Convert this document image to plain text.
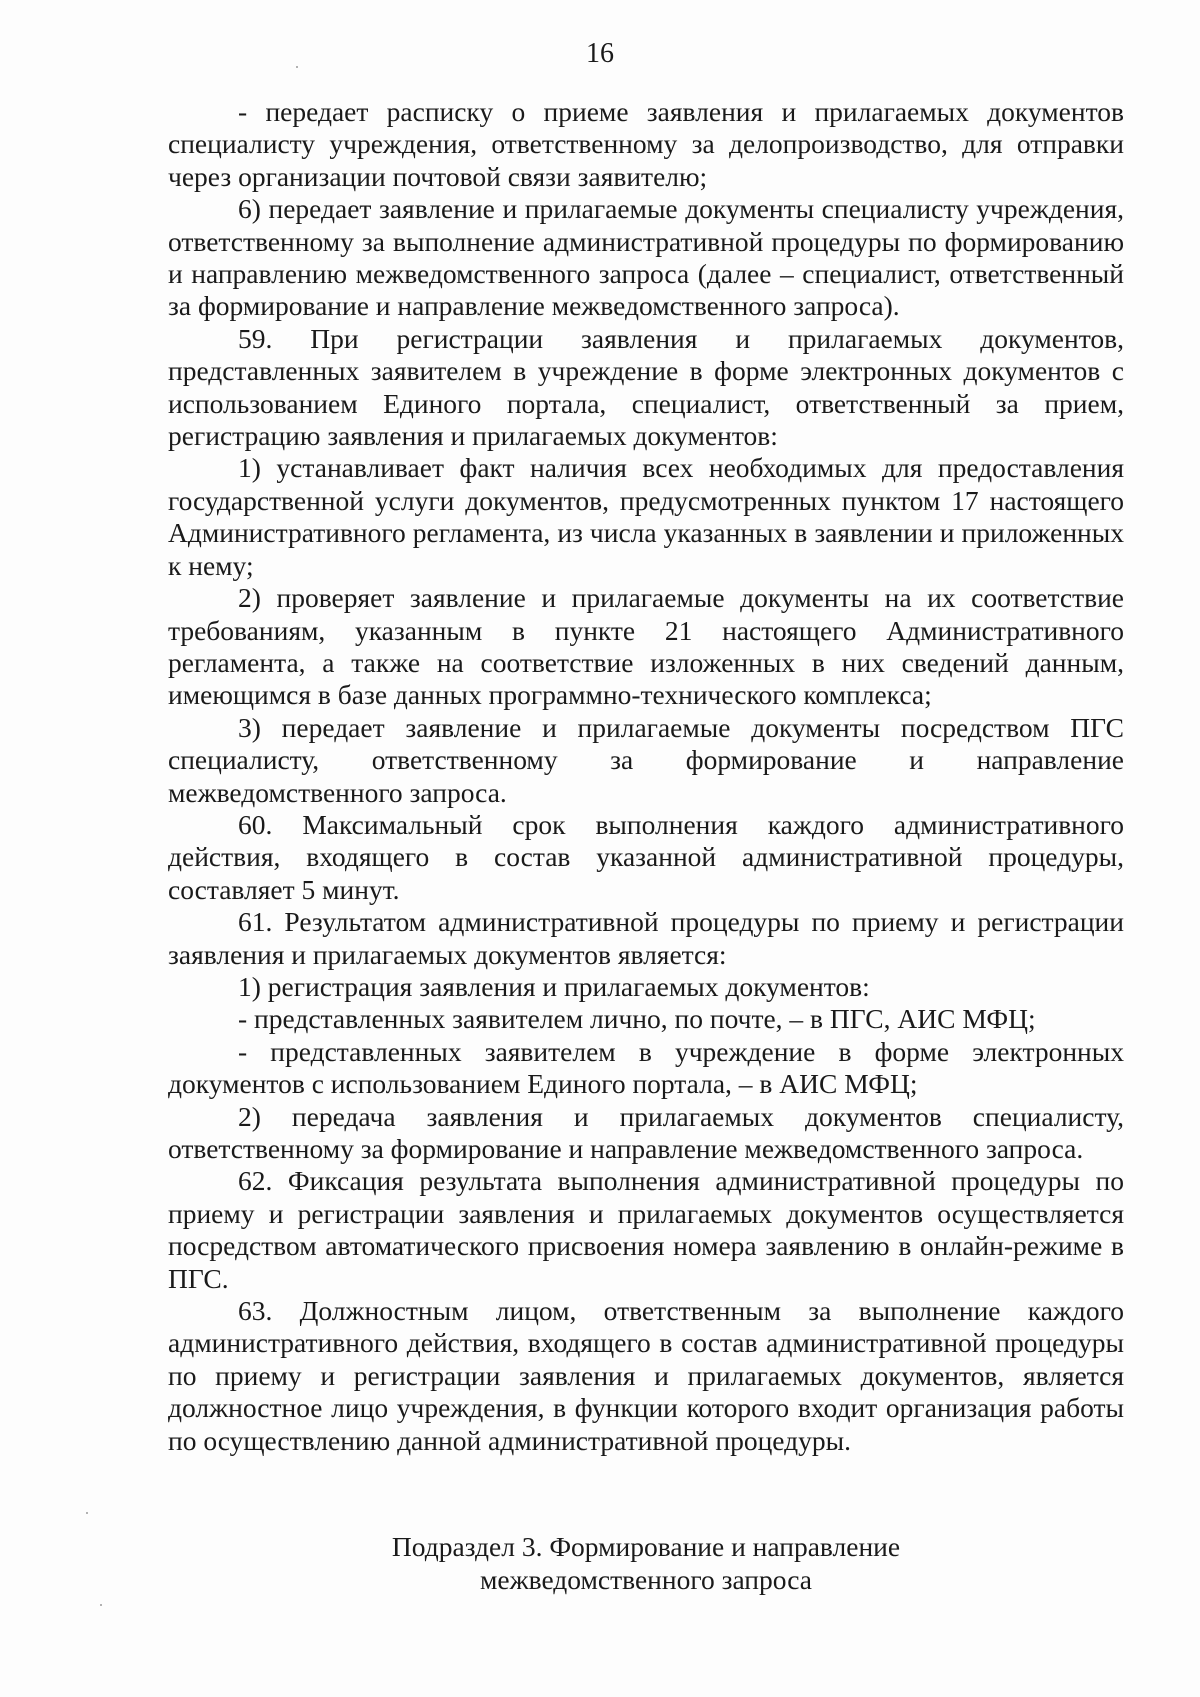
16

- передает расписку о приеме заявления и прилагаемых документов специалисту учреждения, ответственному за делопроизводство, для отправки через организации почтовой связи заявителю;

6) передает заявление и прилагаемые документы специалисту учреждения, ответственному за выполнение административной процедуры по формированию и направлению межведомственного запроса (далее – специалист, ответственный за формирование и направление межведомственного запроса).

59. При регистрации заявления и прилагаемых документов, представленных заявителем в учреждение в форме электронных документов с использованием Единого портала, специалист, ответственный за прием, регистрацию заявления и прилагаемых документов:

1) устанавливает факт наличия всех необходимых для предоставления государственной услуги документов, предусмотренных пунктом 17 настоящего Административного регламента, из числа указанных в заявлении и приложенных к нему;

2) проверяет заявление и прилагаемые документы на их соответствие требованиям, указанным в пункте 21 настоящего Административного регламента, а также на соответствие изложенных в них сведений данным, имеющимся в базе данных программно-технического комплекса;

3) передает заявление и прилагаемые документы посредством ПГС специалисту, ответственному за формирование и направление межведомственного запроса.

60. Максимальный срок выполнения каждого административного действия, входящего в состав указанной административной процедуры, составляет 5 минут.

61. Результатом административной процедуры по приему и регистрации заявления и прилагаемых документов является:

1) регистрация заявления и прилагаемых документов:

- представленных заявителем лично, по почте, – в ПГС, АИС МФЦ;

- представленных заявителем в учреждение в форме электронных документов с использованием Единого портала, – в АИС МФЦ;

2) передача заявления и прилагаемых документов специалисту, ответственному за формирование и направление межведомственного запроса.

62. Фиксация результата выполнения административной процедуры по приему и регистрации заявления и прилагаемых документов осуществляется посредством автоматического присвоения номера заявлению в онлайн-режиме в ПГС.

63. Должностным лицом, ответственным за выполнение каждого административного действия, входящего в состав административной процедуры по приему и регистрации заявления и прилагаемых документов, является должностное лицо учреждения, в функции которого входит организация работы по осуществлению данной административной процедуры.

Подраздел 3. Формирование и направление
межведомственного запроса
